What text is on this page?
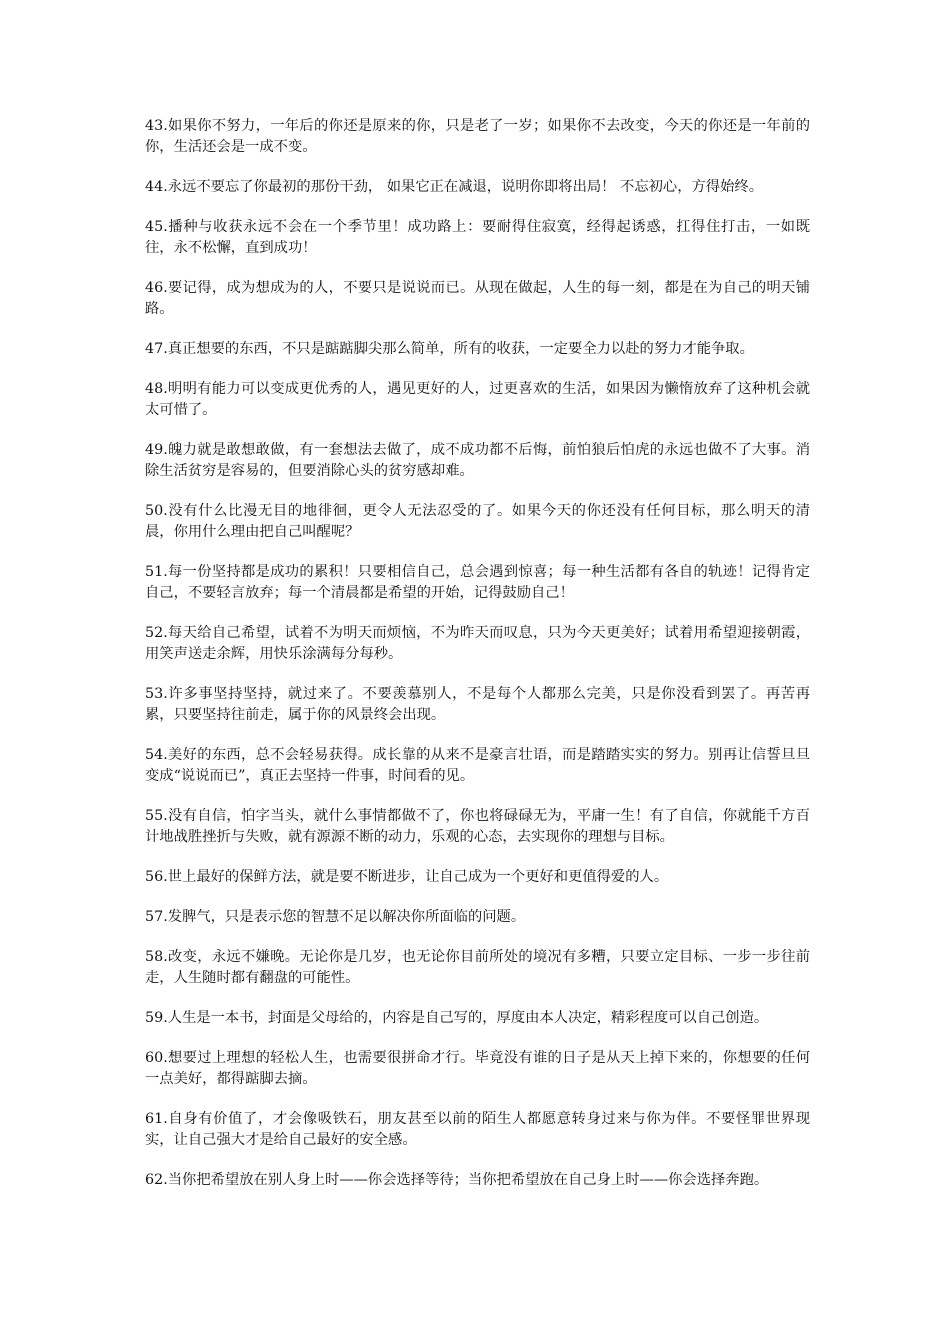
43.如果你不努力，一年后的你还是原来的你，只是老了一岁；如果你不去改变，今天的你还是一年前的你，生活还会是一成不变。

44.永远不要忘了你最初的那份干劲， 如果它正在减退，说明你即将出局！ 不忘初心，方得始终。

45.播种与收获永远不会在一个季节里！成功路上：要耐得住寂寞，经得起诱惑，扛得住打击，一如既往，永不松懈，直到成功！

46.要记得，成为想成为的人，不要只是说说而已。从现在做起，人生的每一刻，都是在为自己的明天铺路。

47.真正想要的东西，不只是踮踮脚尖那么简单，所有的收获，一定要全力以赴的努力才能争取。

48.明明有能力可以变成更优秀的人，遇见更好的人，过更喜欢的生活，如果因为懒惰放弃了这种机会就太可惜了。

49.魄力就是敢想敢做，有一套想法去做了，成不成功都不后悔，前怕狼后怕虎的永远也做不了大事。消除生活贫穷是容易的，但要消除心头的贫穷感却难。

50.没有什么比漫无目的地徘徊，更令人无法忍受的了。如果今天的你还没有任何目标，那么明天的清晨，你用什么理由把自己叫醒呢？

51.每一份坚持都是成功的累积！只要相信自己，总会遇到惊喜；每一种生活都有各自的轨迹！记得肯定自己，不要轻言放弃；每一个清晨都是希望的开始，记得鼓励自己！

52.每天给自己希望，试着不为明天而烦恼，不为昨天而叹息，只为今天更美好；试着用希望迎接朝霞，用笑声送走余辉，用快乐涂满每分每秒。

53.许多事坚持坚持，就过来了。不要羡慕别人，不是每个人都那么完美，只是你没看到罢了。再苦再累，只要坚持往前走，属于你的风景终会出现。

54.美好的东西，总不会轻易获得。成长靠的从来不是豪言壮语，而是踏踏实实的努力。别再让信誓旦旦变成“说说而已”，真正去坚持一件事，时间看的见。

55.没有自信，怕字当头，就什么事情都做不了，你也将碌碌无为，平庸一生！有了自信，你就能千方百计地战胜挫折与失败，就有源源不断的动力，乐观的心态，去实现你的理想与目标。

56.世上最好的保鲜方法，就是要不断进步，让自己成为一个更好和更值得爱的人。

57.发脾气，只是表示您的智慧不足以解决你所面临的问题。

58.改变，永远不嫌晚。无论你是几岁，也无论你目前所处的境况有多糟，只要立定目标、一步一步往前走，人生随时都有翻盘的可能性。

59.人生是一本书，封面是父母给的，内容是自己写的，厚度由本人决定，精彩程度可以自己创造。

60.想要过上理想的轻松人生，也需要很拼命才行。毕竟没有谁的日子是从天上掉下来的，你想要的任何一点美好，都得踮脚去摘。

61.自身有价值了，才会像吸铁石，朋友甚至以前的陌生人都愿意转身过来与你为伴。不要怪罪世界现实，让自己强大才是给自己最好的安全感。

62.当你把希望放在别人身上时——你会选择等待；当你把希望放在自己身上时——你会选择奔跑。
